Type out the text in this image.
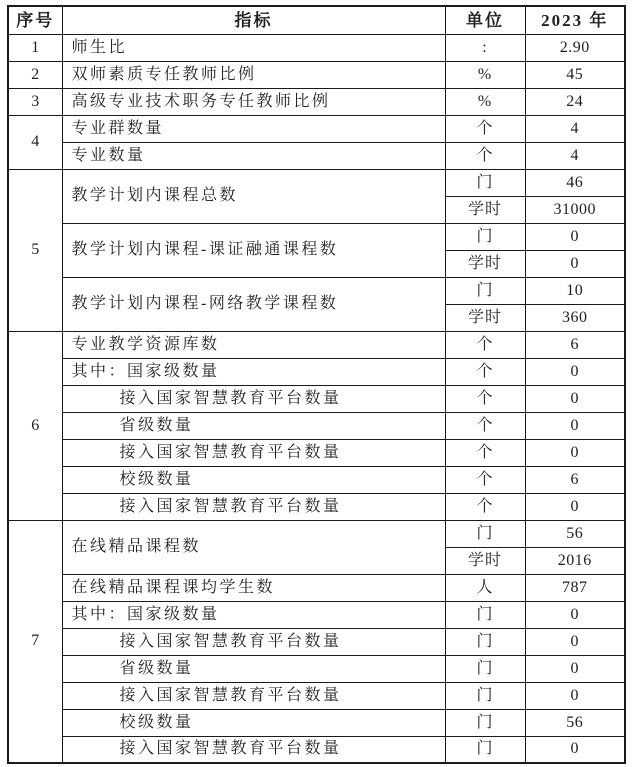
序号	指标	单位	2023 年
1	师生比	:	2.90
2	双师素质专任教师比例	%	45
3	高级专业技术职务专任教师比例	%	24
4	专业群数量	个	4
	专业数量	个	4
5	教学计划内课程总数	门	46
		学时	31000
	教学计划内课程-课证融通课程数	门	0
		学时	0
	教学计划内课程-网络教学课程数	门	10
		学时	360
6	专业教学资源库数	个	6
	其中：国家级数量	个	0
	接入国家智慧教育平台数量	个	0
	省级数量	个	0
	接入国家智慧教育平台数量	个	0
	校级数量	个	6
	接入国家智慧教育平台数量	个	0
7	在线精品课程数	门	56
		学时	2016
	在线精品课程课均学生数	人	787
	其中：国家级数量	门	0
	接入国家智慧教育平台数量	门	0
	省级数量	门	0
	接入国家智慧教育平台数量	门	0
	校级数量	门	56
	接入国家智慧教育平台数量	门	0
